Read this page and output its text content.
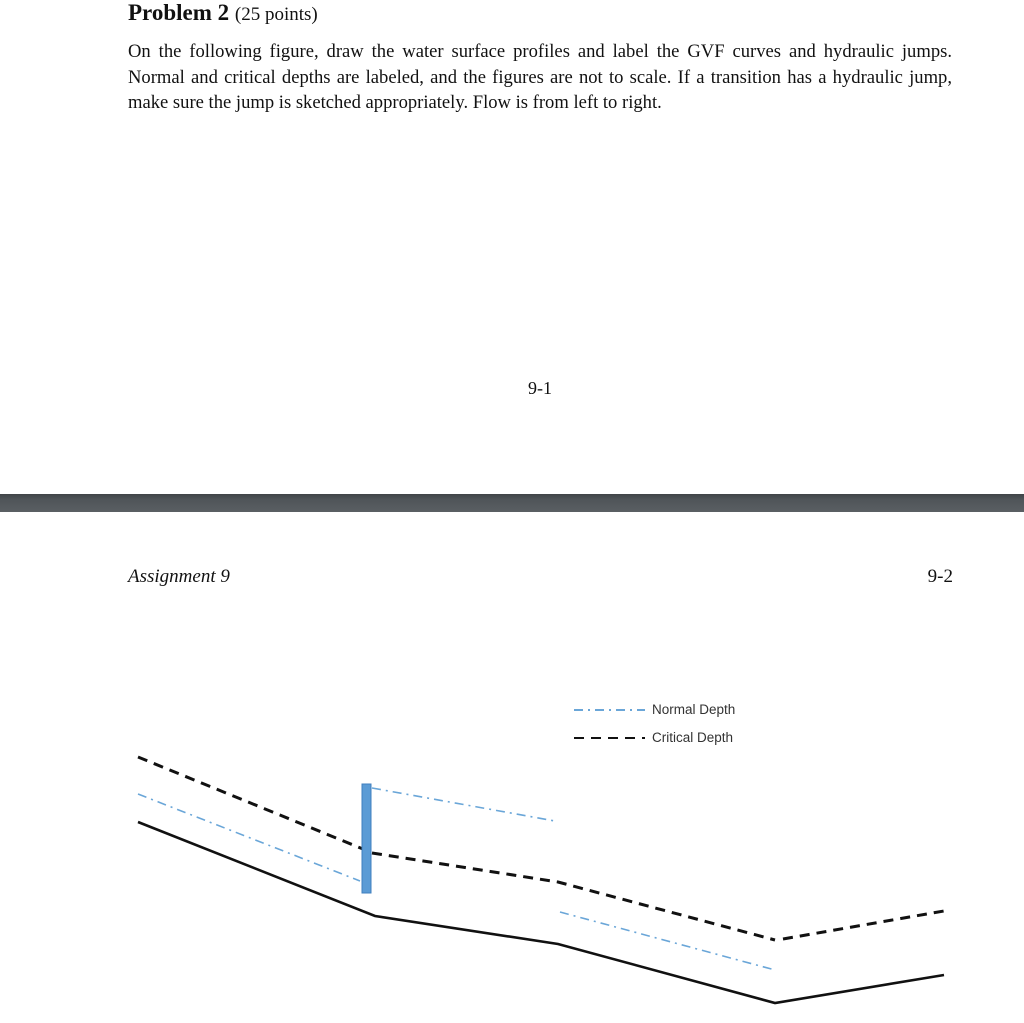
Problem 2 (25 points)

On the following figure, draw the water surface profiles and label the GVF curves and hydraulic jumps. Normal and critical depths are labeled, and the figures are not to scale. If a transition has a hydraulic jump, make sure the jump is sketched appropriately. Flow is from left to right.

9-1
Assignment 9	9-2
Normal Depth
Critical Depth
